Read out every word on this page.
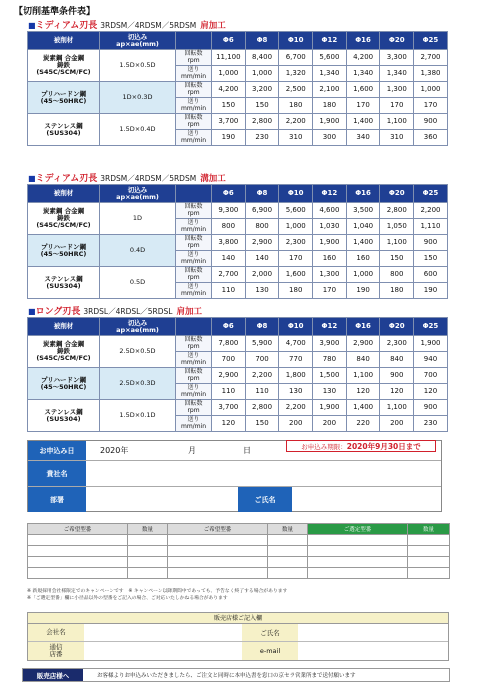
【切削基準条件表】
■ミディアム刃長 3RDSM／4RDSM／5RDSM 肩加工
被削材	切込み
ap×ae(mm)		Φ6	Φ8	Φ10	Φ12	Φ16	Φ20	Φ25
炭素鋼 合金鋼
鋳鉄
(S45C/SCM/FC)	1.5D×0.5D	回転数
rpm	11,100	8,400	6,700	5,600	4,200	3,300	2,700
		送り
mm/min	1,000	1,000	1,320	1,340	1,340	1,340	1,380
プリハードン鋼
(45～50HRC)	1D×0.3D	回転数
rpm	4,200	3,200	2,500	2,100	1,600	1,300	1,000
		送り
mm/min	150	150	180	180	170	170	170
ステンレス鋼
(SUS304)	1.5D×0.4D	回転数
rpm	3,700	2,800	2,200	1,900	1,400	1,100	900
		送り
mm/min	190	230	310	300	340	310	360
■ミディアム刃長 3RDSM／4RDSM／5RDSM 溝加工
被削材	切込み
ap×ae(mm)		Φ6	Φ8	Φ10	Φ12	Φ16	Φ20	Φ25
炭素鋼 合金鋼
鋳鉄
(S45C/SCM/FC)	1D	回転数
rpm	9,300	6,900	5,600	4,600	3,500	2,800	2,200
		送り
mm/min	800	800	1,000	1,030	1,040	1,050	1,110
プリハードン鋼
(45～50HRC)	0.4D	回転数
rpm	3,800	2,900	2,300	1,900	1,400	1,100	900
		送り
mm/min	140	140	170	160	160	150	150
ステンレス鋼
(SUS304)	0.5D	回転数
rpm	2,700	2,000	1,600	1,300	1,000	800	600
		送り
mm/min	110	130	180	170	190	180	190
■ロング刃長 3RDSL／4RDSL／5RDSL 肩加工
被削材	切込み
ap×ae(mm)		Φ6	Φ8	Φ10	Φ12	Φ16	Φ20	Φ25
炭素鋼 合金鋼
鋳鉄
(S45C/SCM/FC)	2.5D×0.5D	回転数
rpm	7,800	5,900	4,700	3,900	2,900	2,300	1,900
		送り
mm/min	700	700	770	780	840	840	940
プリハードン鋼
(45～50HRC)	2.5D×0.3D	回転数
rpm	2,900	2,200	1,800	1,500	1,100	900	700
		送り
mm/min	110	110	130	130	120	120	120
ステンレス鋼
(SUS304)	1.5D×0.1D	回転数
rpm	3,700	2,800	2,200	1,900	1,400	1,100	900
		送り
mm/min	120	150	200	200	220	200	230
お申込み日	2020年	月	日
貴社名
部署	ご氏名
お申込み期限： 2020年9月30日まで
ご希望型番	数量	ご希望型番	数量	ご選定型番	数量

※ 新規採用会社様限定でのキャンペーンです　※ キャンペーン以降期間中であっても、予告なく終了する場合があります
※「ご選定型番」欄に小径品以外の型番をご記入の場合、ご対応いたしかねる場合があります
販売店様ご記入欄
会社名	ご氏名
通信
店番	e-mail
販売店様へ	お客様よりお申込みいただきましたら、ご注文と同時に本申込書を窓口の京セラ営業所まで送付願います
